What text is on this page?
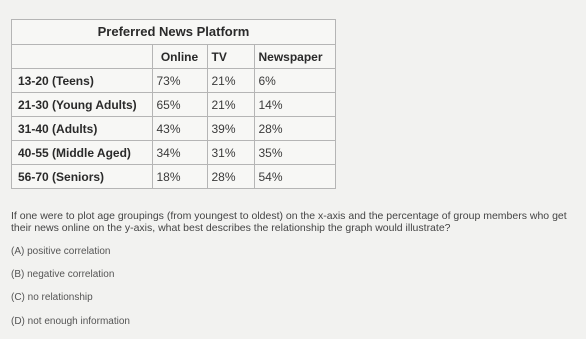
Preferred News Platform
	Online	TV	Newspaper
13-20 (Teens)	73%	21%	6%
21-30 (Young Adults)	65%	21%	14%
31-40 (Adults)	43%	39%	28%
40-55 (Middle Aged)	34%	31%	35%
56-70 (Seniors)	18%	28%	54%
If one were to plot age groupings (from youngest to oldest) on the x-axis and the percentage of group members who get their news online on the y-axis, what best describes the relationship the graph would illustrate?
(A) positive correlation
(B) negative correlation
(C) no relationship
(D) not enough information
